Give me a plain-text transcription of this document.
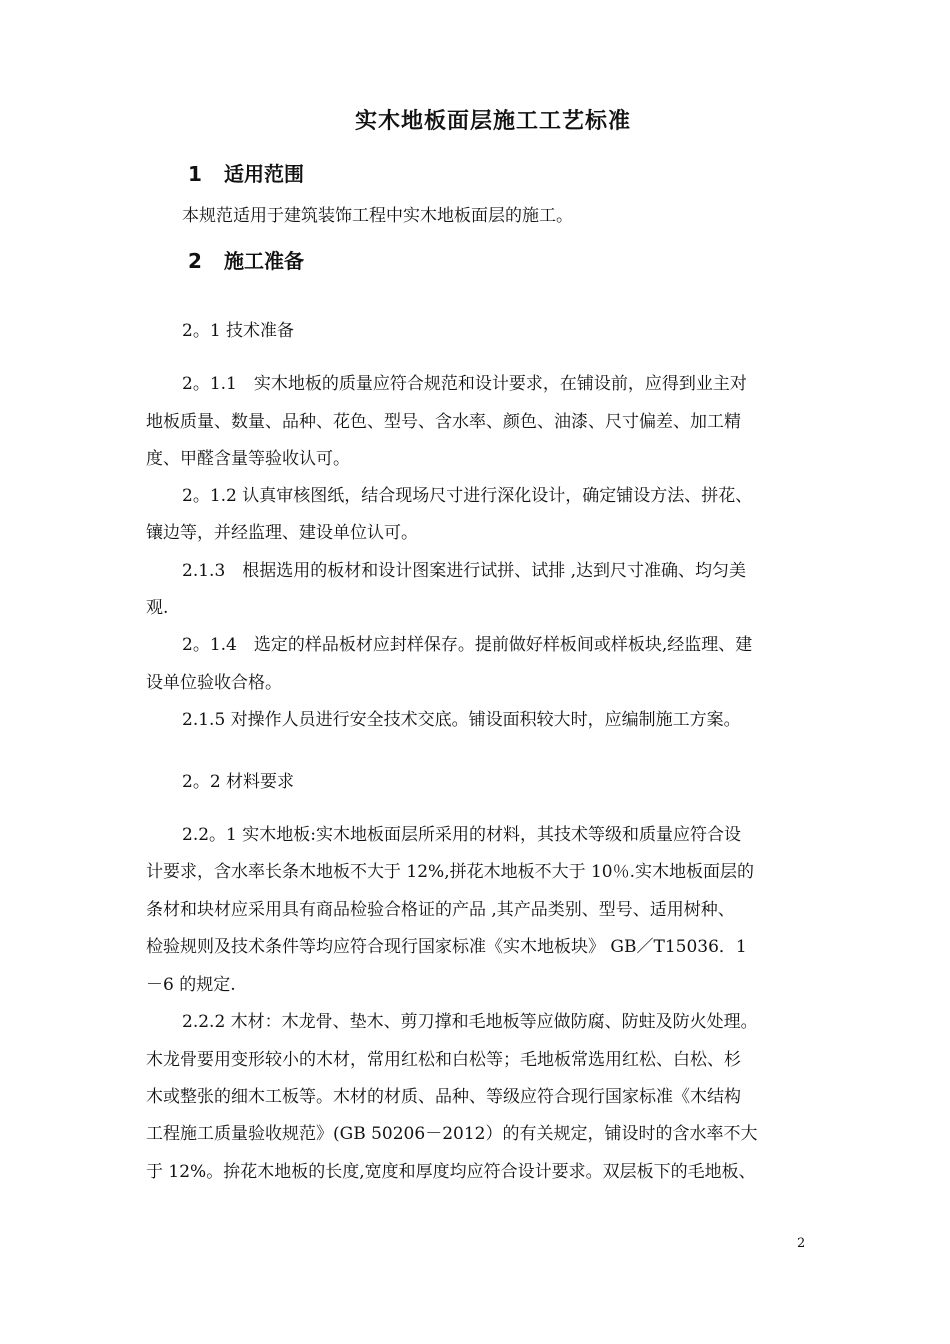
实木地板面层施工工艺标准
1 适用范围
本规范适用于建筑装饰工程中实木地板面层的施工。
2 施工准备
2。1 技术准备
2。1.1　实木地板的质量应符合规范和设计要求，在铺设前，应得到业主对
地板质量、数量、品种、花色、型号、含水率、颜色、油漆、尺寸偏差、加工精
度、甲醛含量等验收认可。
2。1.2 认真审核图纸，结合现场尺寸进行深化设计，确定铺设方法、拼花、
镶边等，并经监理、建设单位认可。
2.1.3　根据选用的板材和设计图案进行试拼、试排 ,达到尺寸准确、均匀美
观.
2。1.4　选定的样品板材应封样保存。提前做好样板间或样板块,经监理、建
设单位验收合格。
2.1.5 对操作人员进行安全技术交底。铺设面积较大时，应编制施工方案。
2。2 材料要求
2.2。1 实木地板:实木地板面层所采用的材料，其技术等级和质量应符合设
计要求，含水率长条木地板不大于 12%,拼花木地板不大于 10％.实木地板面层的
条材和块材应采用具有商品检验合格证的产品 ,其产品类别、型号、适用树种、
检验规则及技术条件等均应符合现行国家标准《实木地板块》 GB／T15036．1
－6 的规定.
2.2.2 木材：木龙骨、垫木、剪刀撑和毛地板等应做防腐、防蛀及防火处理。
木龙骨要用变形较小的木材，常用红松和白松等；毛地板常选用红松、白松、杉
木或整张的细木工板等。木材的材质、品种、等级应符合现行国家标准《木结构
工程施工质量验收规范》(GB 50206－2012）的有关规定，铺设时的含水率不大
于 12%。拚花木地板的长度,宽度和厚度均应符合设计要求。双层板下的毛地板、
2
